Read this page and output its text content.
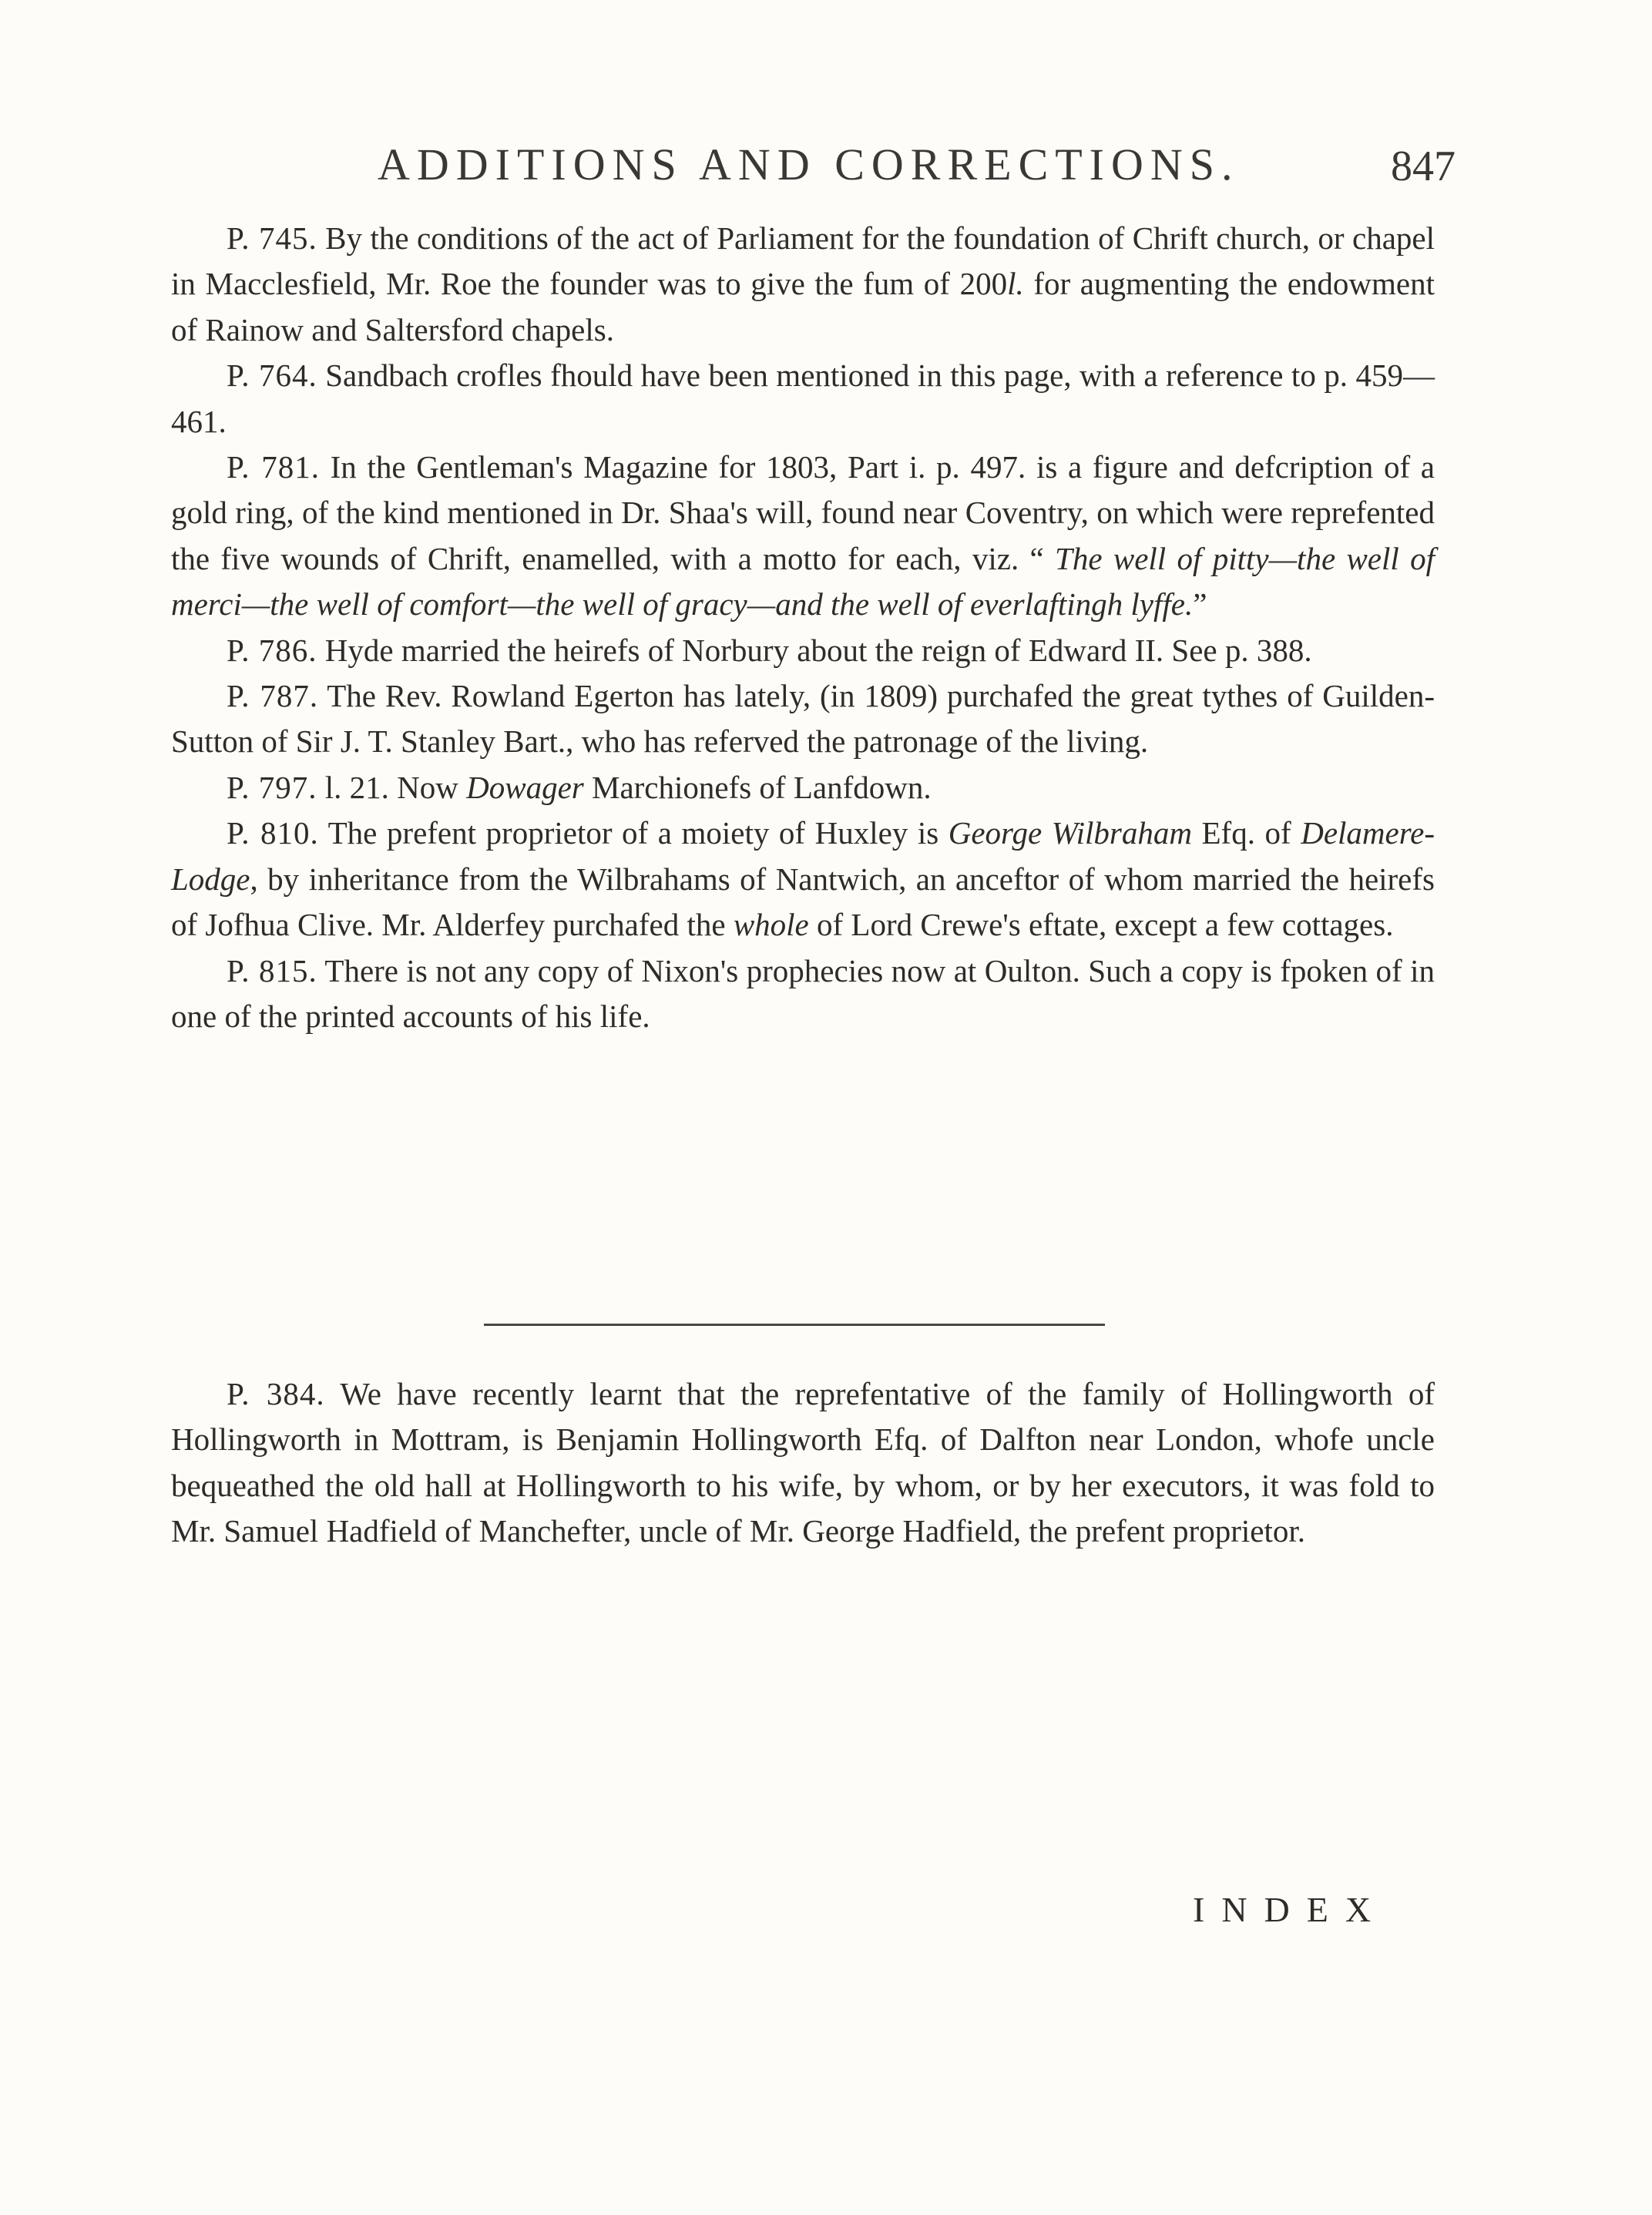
ADDITIONS AND CORRECTIONS.	847

P. 745. By the conditions of the act of Parliament for the foundation of Chrift church, or chapel in Macclesfield, Mr. Roe the founder was to give the fum of 200l. for augmenting the endowment of Rainow and Saltersford chapels.

P. 764. Sandbach crofles fhould have been mentioned in this page, with a reference to p. 459—461.

P. 781. In the Gentleman's Magazine for 1803, Part i. p. 497. is a figure and defcription of a gold ring, of the kind mentioned in Dr. Shaa's will, found near Coventry, on which were reprefented the five wounds of Chrift, enamelled, with a motto for each, viz. “ The well of pitty—the well of merci—the well of comfort—the well of gracy—and the well of everlaftingh lyffe.”

P. 786. Hyde married the heirefs of Norbury about the reign of Edward II. See p. 388.

P. 787. The Rev. Rowland Egerton has lately, (in 1809) purchafed the great tythes of Guilden-Sutton of Sir J. T. Stanley Bart., who has referved the patronage of the living.

P. 797. l. 21. Now Dowager Marchionefs of Lanfdown.

P. 810. The prefent proprietor of a moiety of Huxley is George Wilbraham Efq. of Delamere-Lodge, by inheritance from the Wilbrahams of Nantwich, an anceftor of whom married the heirefs of Jofhua Clive. Mr. Alderfey purchafed the whole of Lord Crewe's eftate, except a few cottages.

P. 815. There is not any copy of Nixon's prophecies now at Oulton. Such a copy is fpoken of in one of the printed accounts of his life.

P. 384. We have recently learnt that the reprefentative of the family of Hollingworth of Hollingworth in Mottram, is Benjamin Hollingworth Efq. of Dalfton near London, whofe uncle bequeathed the old hall at Hollingworth to his wife, by whom, or by her executors, it was fold to Mr. Samuel Hadfield of Manchefter, uncle of Mr. George Hadfield, the prefent proprietor.

INDEX
